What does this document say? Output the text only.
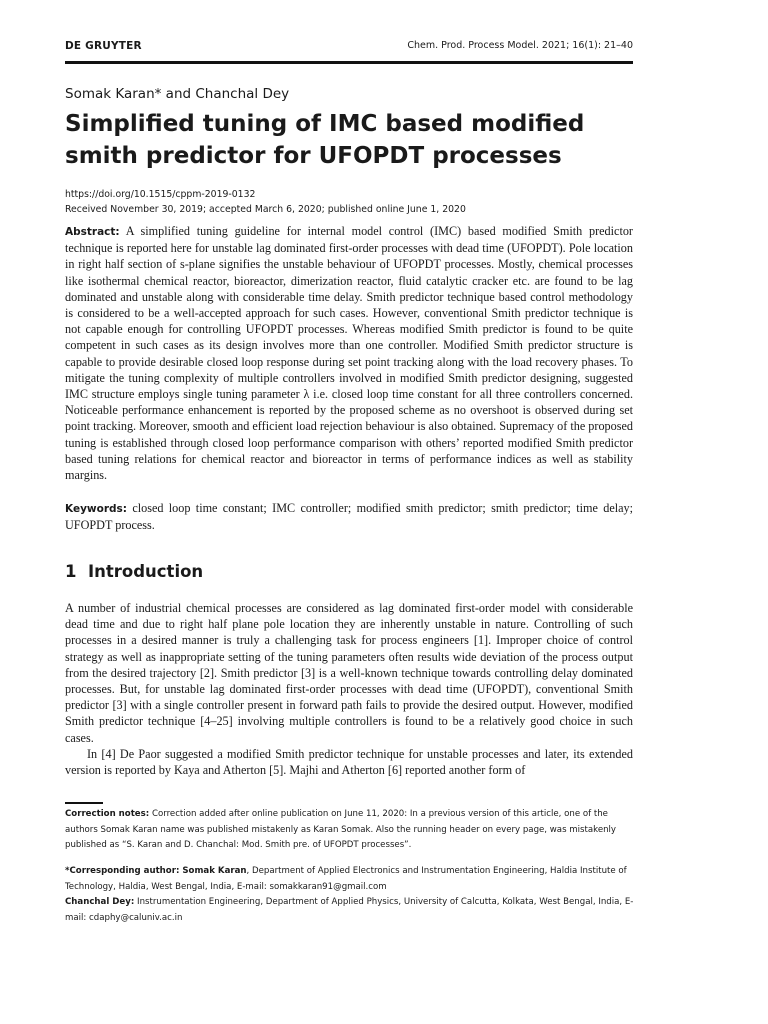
DE GRUYTER	Chem. Prod. Process Model. 2021; 16(1): 21–40
Somak Karan* and Chanchal Dey
Simplified tuning of IMC based modified
smith predictor for UFOPDT processes
https://doi.org/10.1515/cppm-2019-0132
Received November 30, 2019; accepted March 6, 2020; published online June 1, 2020
Abstract: A simplified tuning guideline for internal model control (IMC) based modified Smith predictor technique is reported here for unstable lag dominated first-order processes with dead time (UFOPDT). Pole location in right half section of s-plane signifies the unstable behaviour of UFOPDT processes. Mostly, chemical processes like isothermal chemical reactor, bioreactor, dimerization reactor, fluid catalytic cracker etc. are found to be lag dominated and unstable along with considerable time delay. Smith predictor technique based control methodology is considered to be a well-accepted approach for such cases. However, conventional Smith predictor technique is not capable enough for controlling UFOPDT processes. Whereas modified Smith predictor is found to be quite competent in such cases as its design involves more than one controller. Modified Smith predictor structure is capable to provide desirable closed loop response during set point tracking along with the load recovery phases. To mitigate the tuning complexity of multiple controllers involved in modified Smith predictor designing, suggested IMC structure employs single tuning parameter λ i.e. closed loop time constant for all three controllers concerned. Noticeable performance enhancement is reported by the proposed scheme as no overshoot is observed during set point tracking. Moreover, smooth and efficient load rejection behaviour is also obtained. Supremacy of the proposed tuning is established through closed loop performance comparison with others’ reported modified Smith predictor based tuning relations for chemical reactor and bioreactor in terms of performance indices as well as stability margins.
Keywords: closed loop time constant; IMC controller; modified smith predictor; smith predictor; time delay; UFOPDT process.
1  Introduction

A number of industrial chemical processes are considered as lag dominated first-order model with considerable dead time and due to right half plane pole location they are inherently unstable in nature. Controlling of such processes in a desired manner is truly a challenging task for process engineers [1]. Improper choice of control strategy as well as inappropriate setting of the tuning parameters often results wide deviation of the process output from the desired trajectory [2]. Smith predictor [3] is a well-known technique towards controlling delay dominated processes. But, for unstable lag dominated first-order processes with dead time (UFOPDT), conventional Smith predictor [3] with a single controller present in forward path fails to provide the desired output. However, modified Smith predictor technique [4–25] involving multiple controllers is found to be a relatively good choice in such cases.

In [4] De Paor suggested a modified Smith predictor technique for unstable processes and later, its extended version is reported by Kaya and Atherton [5]. Majhi and Atherton [6] reported another form of

Correction notes: Correction added after online publication on June 11, 2020: In a previous version of this article, one of the authors Somak Karan name was published mistakenly as Karan Somak. Also the running header on every page, was mistakenly published as “S. Karan and D. Chanchal: Mod. Smith pre. of UFOPDT processes”.
*Corresponding author: Somak Karan, Department of Applied Electronics and Instrumentation Engineering, Haldia Institute of Technology, Haldia, West Bengal, India, E-mail: somakkaran91@gmail.com
Chanchal Dey: Instrumentation Engineering, Department of Applied Physics, University of Calcutta, Kolkata, West Bengal, India, E-mail: cdaphy@caluniv.ac.in
